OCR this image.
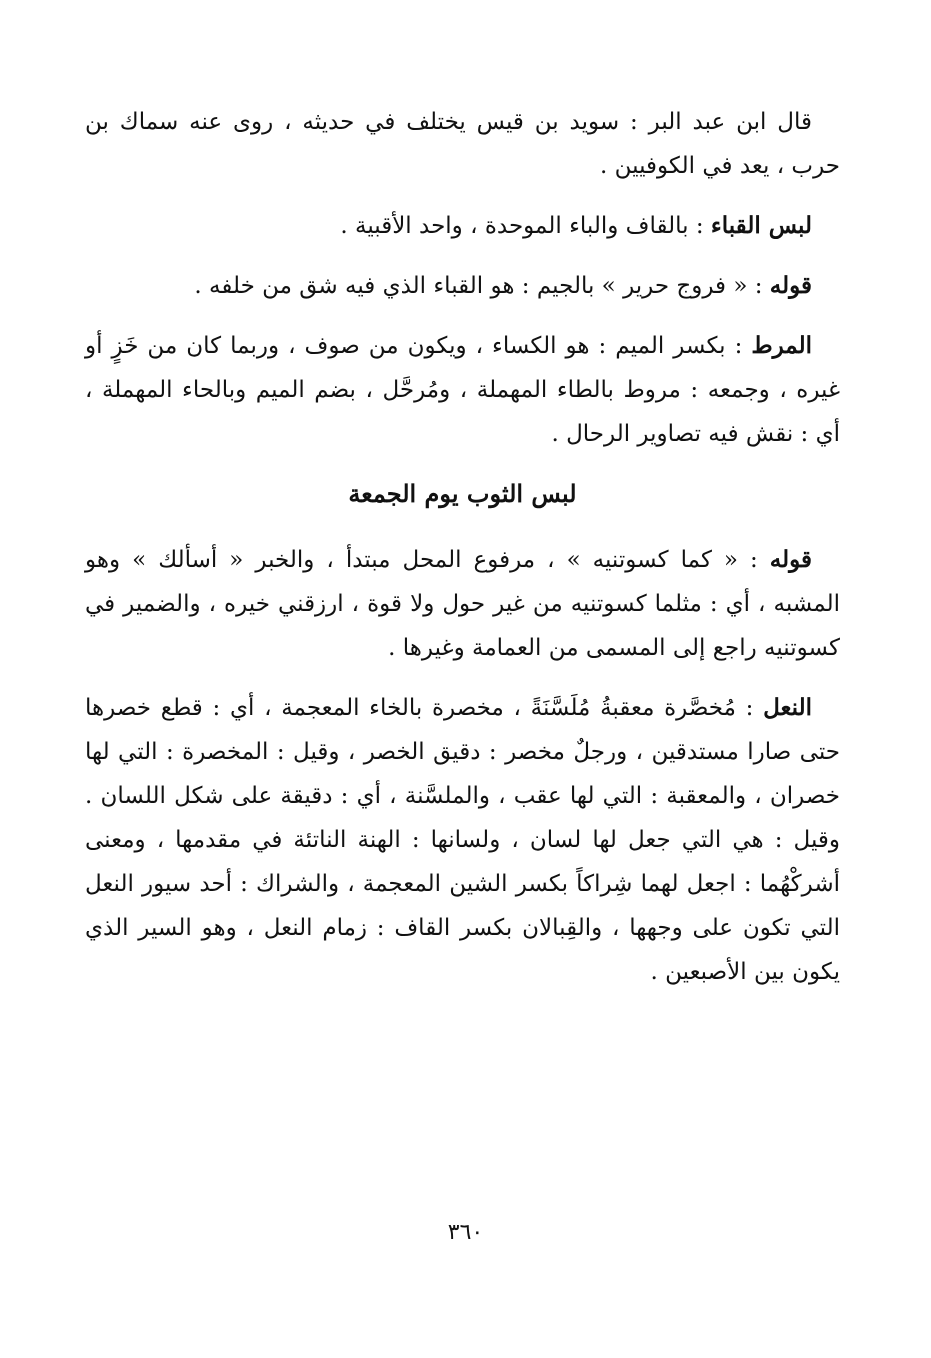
قال ابن عبد البر : سويد بن قيس يختلف في حديثه ، روى عنه سماك بن حرب ، يعد في الكوفيين .

لبس القباء : بالقاف والباء الموحدة ، واحد الأقبية .

قوله : « فروج حرير » بالجيم : هو القباء الذي فيه شق من خلفه .

المرط : بكسر الميم : هو الكساء ، ويكون من صوف ، وربما كان من خَزٍ أو غيره ، وجمعه : مروط بالطاء المهملة ، ومُرحَّل ، بضم الميم وبالحاء المهملة ، أي : نقش فيه تصاوير الرحال .

لبس الثوب يوم الجمعة

قوله : « كما كسوتنيه » ، مرفوع المحل مبتدأ ، والخبر « أسألك » وهو المشبه ، أي : مثلما كسوتنيه من غير حول ولا قوة ، ارزقني خيره ، والضمير في كسوتنيه راجع إلى المسمى من العمامة وغيرها .

النعل : مُخصَّرة معقبةُ مُلَسَّنَةً ، مخصرة بالخاء المعجمة ، أي : قطع خصرها حتى صارا مستدقين ، ورجلٌ مخصر : دقيق الخصر ، وقيل : المخصرة : التي لها خصران ، والمعقبة : التي لها عقب ، والملسَّنة ، أي : دقيقة على شكل اللسان . وقيل : هي التي جعل لها لسان ، ولسانها : الهنة الناتئة في مقدمها ، ومعنى أشركْهُما : اجعل لهما شِراكاً بكسر الشين المعجمة ، والشراك : أحد سيور النعل التي تكون على وجهها ، والقِبالان بكسر القاف : زمام النعل ، وهو السير الذي يكون بين الأصبعين .

٣٦٠
